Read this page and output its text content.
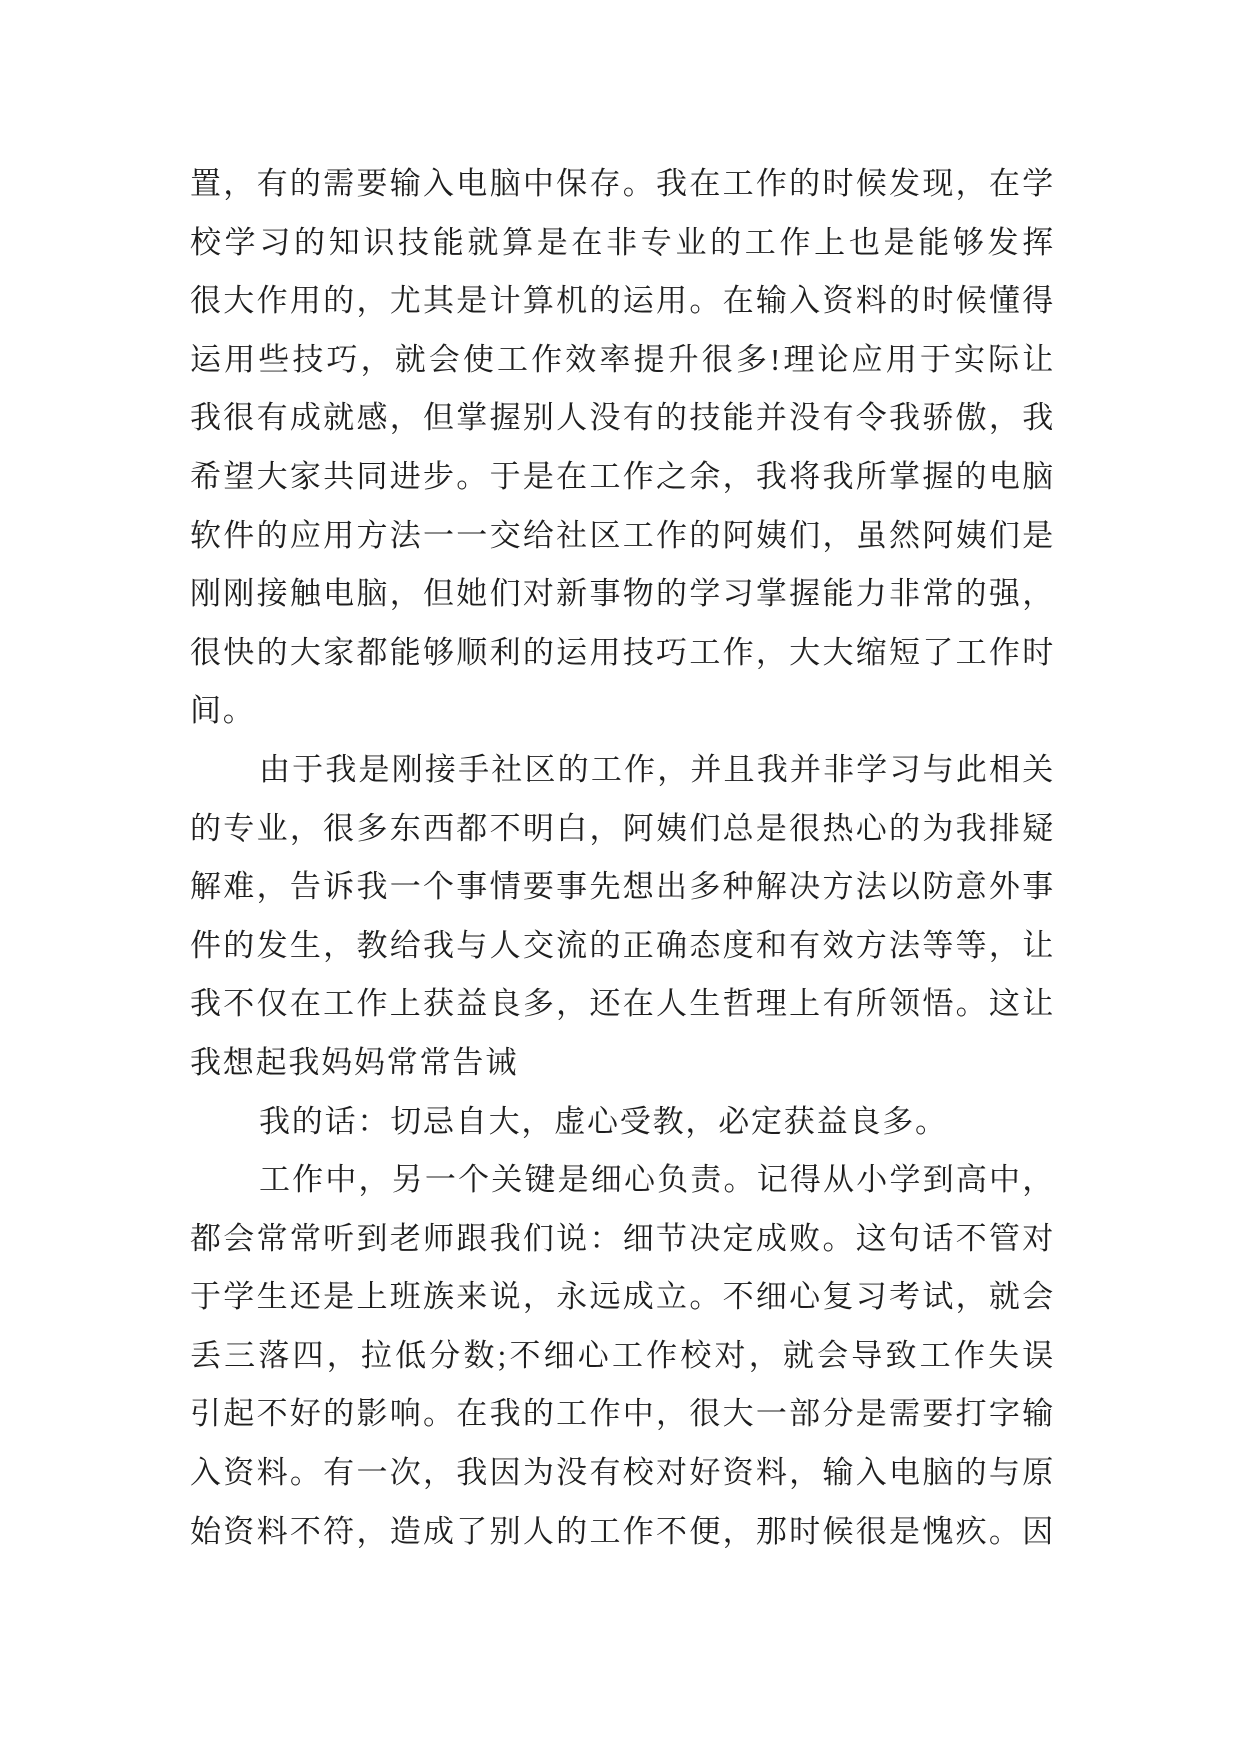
置，有的需要输入电脑中保存。我在工作的时候发现，在学
校学习的知识技能就算是在非专业的工作上也是能够发挥
很大作用的，尤其是计算机的运用。在输入资料的时候懂得
运用些技巧，就会使工作效率提升很多!理论应用于实际让
我很有成就感，但掌握别人没有的技能并没有令我骄傲，我
希望大家共同进步。于是在工作之余，我将我所掌握的电脑
软件的应用方法一一交给社区工作的阿姨们，虽然阿姨们是
刚刚接触电脑，但她们对新事物的学习掌握能力非常的强，
很快的大家都能够顺利的运用技巧工作，大大缩短了工作时
间。
由于我是刚接手社区的工作，并且我并非学习与此相关
的专业，很多东西都不明白，阿姨们总是很热心的为我排疑
解难，告诉我一个事情要事先想出多种解决方法以防意外事
件的发生，教给我与人交流的正确态度和有效方法等等，让
我不仅在工作上获益良多，还在人生哲理上有所领悟。这让
我想起我妈妈常常告诫
我的话：切忌自大，虚心受教，必定获益良多。
工作中，另一个关键是细心负责。记得从小学到高中，
都会常常听到老师跟我们说：细节决定成败。这句话不管对
于学生还是上班族来说，永远成立。不细心复习考试，就会
丢三落四，拉低分数;不细心工作校对，就会导致工作失误
引起不好的影响。在我的工作中，很大一部分是需要打字输
入资料。有一次，我因为没有校对好资料，输入电脑的与原
始资料不符，造成了别人的工作不便，那时候很是愧疚。因
